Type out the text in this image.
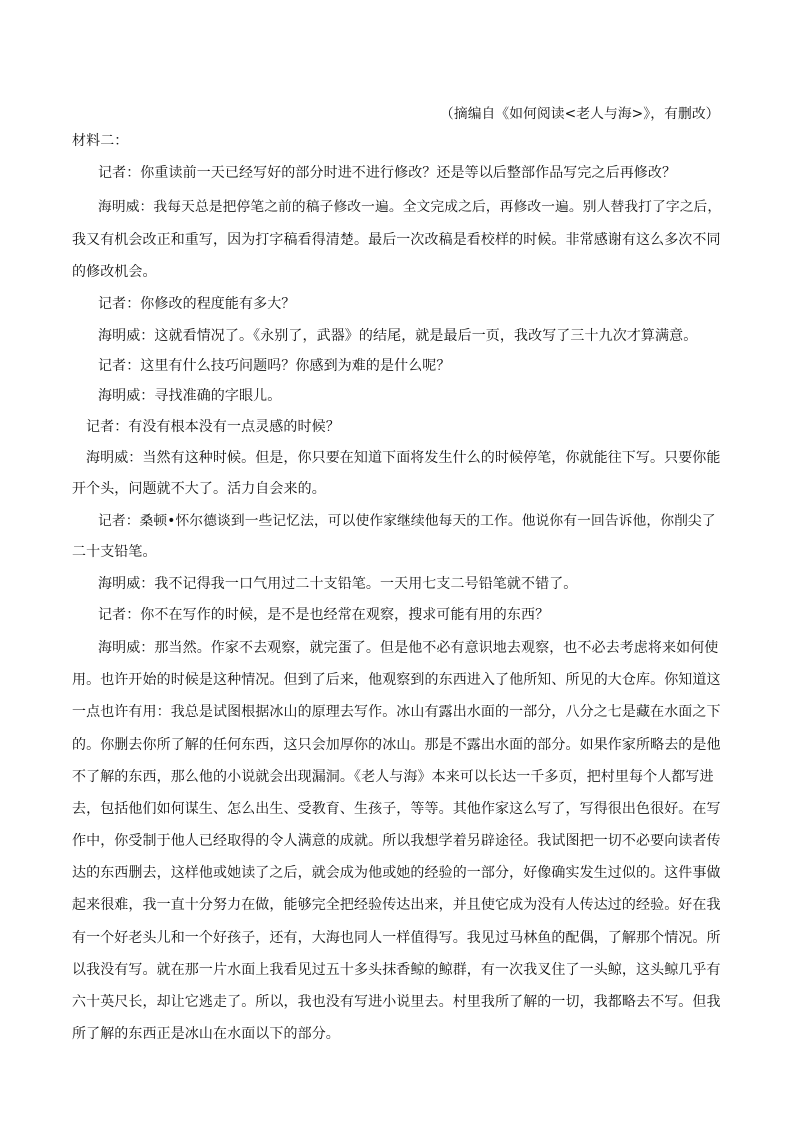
（摘编自《如何阅读<老人与海>》，有删改）
材料二：
记者：你重读前一天已经写好的部分时进不进行修改？还是等以后整部作品写完之后再修改？
海明威：我每天总是把停笔之前的稿子修改一遍。全文完成之后，再修改一遍。别人替我打了字之后，
我又有机会改正和重写，因为打字稿看得清楚。最后一次改稿是看校样的时候。非常感谢有这么多次不同
的修改机会。
记者：你修改的程度能有多大？
海明威：这就看情况了。《永别了，武器》的结尾，就是最后一页，我改写了三十九次才算满意。
记者：这里有什么技巧问题吗？你感到为难的是什么呢？
海明威：寻找准确的字眼儿。
记者：有没有根本没有一点灵感的时候？
海明威：当然有这种时候。但是，你只要在知道下面将发生什么的时候停笔，你就能往下写。只要你能
开个头，问题就不大了。活力自会来的。
记者：桑顿•怀尔德谈到一些记忆法，可以使作家继续他每天的工作。他说你有一回告诉他，你削尖了
二十支铅笔。
海明威：我不记得我一口气用过二十支铅笔。一天用七支二号铅笔就不错了。
记者：你不在写作的时候，是不是也经常在观察，搜求可能有用的东西？
海明威：那当然。作家不去观察，就完蛋了。但是他不必有意识地去观察，也不必去考虑将来如何使
用。也许开始的时候是这种情况。但到了后来，他观察到的东西进入了他所知、所见的大仓库。你知道这
一点也许有用：我总是试图根据冰山的原理去写作。冰山有露出水面的一部分，八分之七是藏在水面之下
的。你删去你所了解的任何东西，这只会加厚你的冰山。那是不露出水面的部分。如果作家所略去的是他
不了解的东西，那么他的小说就会出现漏洞。《老人与海》本来可以长达一千多页，把村里每个人都写进
去，包括他们如何谋生、怎么出生、受教育、生孩子，等等。其他作家这么写了，写得很出色很好。在写
作中，你受制于他人已经取得的令人满意的成就。所以我想学着另辟途径。我试图把一切不必要向读者传
达的东西删去，这样他或她读了之后，就会成为他或她的经验的一部分，好像确实发生过似的。这件事做
起来很难，我一直十分努力在做，能够完全把经验传达出来，并且使它成为没有人传达过的经验。好在我
有一个好老头儿和一个好孩子，还有，大海也同人一样值得写。我见过马林鱼的配偶，了解那个情况。所
以我没有写。就在那一片水面上我看见过五十多头抹香鲸的鲸群，有一次我叉住了一头鲸，这头鲸几乎有
六十英尺长，却让它逃走了。所以，我也没有写进小说里去。村里我所了解的一切，我都略去不写。但我
所了解的东西正是冰山在水面以下的部分。
